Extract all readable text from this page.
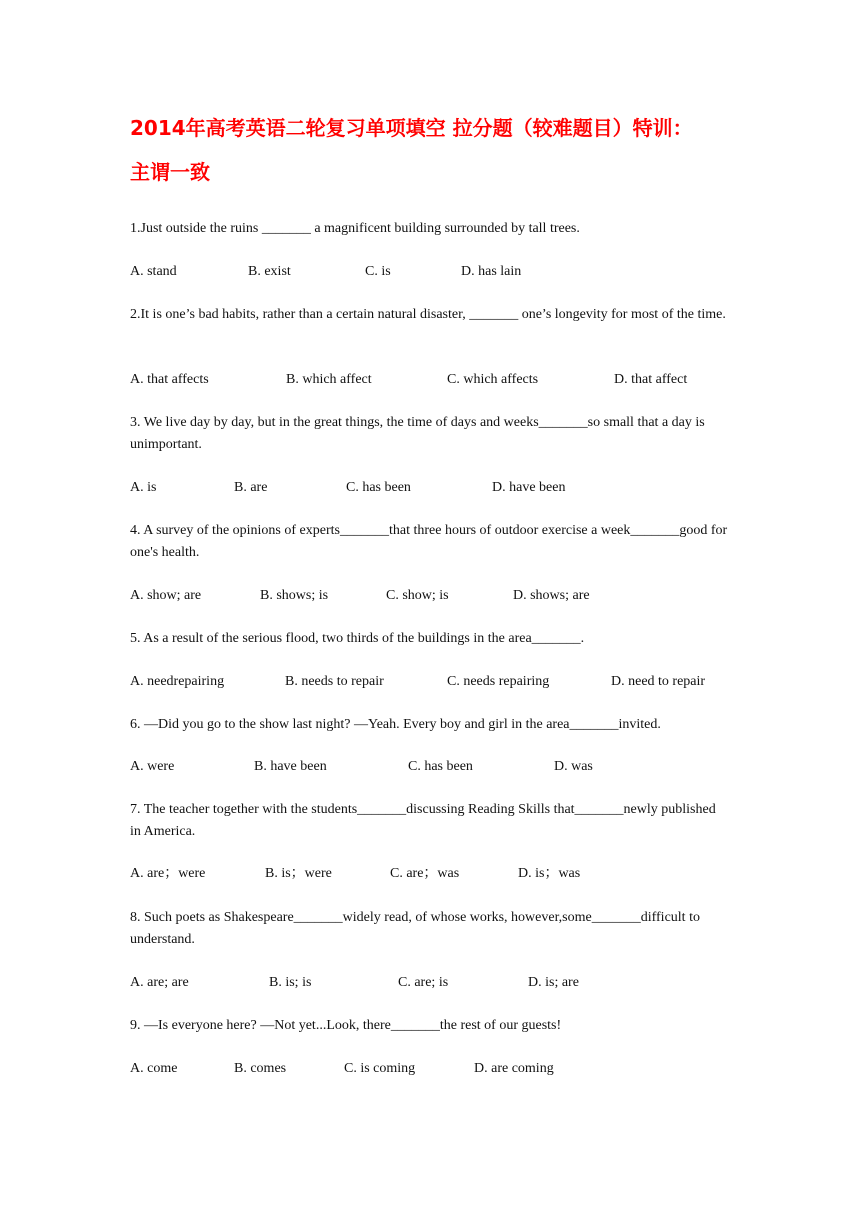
2014年高考英语二轮复习单项填空 拉分题（较难题目）特训：
主谓一致
1.Just outside the ruins _______ a magnificent building surrounded by tall trees.
A. stand	B. exist	C. is	D. has lain
2.It is one’s bad habits, rather than a certain natural disaster, _______ one’s longevity for most of the time.
A. that affects	B. which affect	C. which affects	D. that affect
3. We live day by day, but in the great things, the time of days and weeks_______so small that a day is unimportant.
A. is	B. are	C. has been	D. have been
4. A survey of the opinions of experts_______that three hours of outdoor exercise a week_______good for one's health.
A. show; are	B. shows; is	C. show; is	D. shows; are
5. As a result of the serious flood, two thirds of the buildings in the area_______.
A. needrepairing	B. needs to repair	C. needs repairing	D. need to repair
6. —Did you go to the show last night? —Yeah. Every boy and girl in the area_______invited.
A. were	B. have been	C. has been	D. was
7. The teacher together with the students_______discussing Reading Skills that_______newly published in America.
A. are；were	B. is；were	C. are；was	D. is；was
8. Such poets as Shakespeare_______widely read, of whose works, however,some_______difficult to understand.
A. are; are	B. is; is	C. are; is	D. is; are
9. —Is everyone here? —Not yet...Look, there_______the rest of our guests!
A. come	B. comes	C. is coming	D. are coming
